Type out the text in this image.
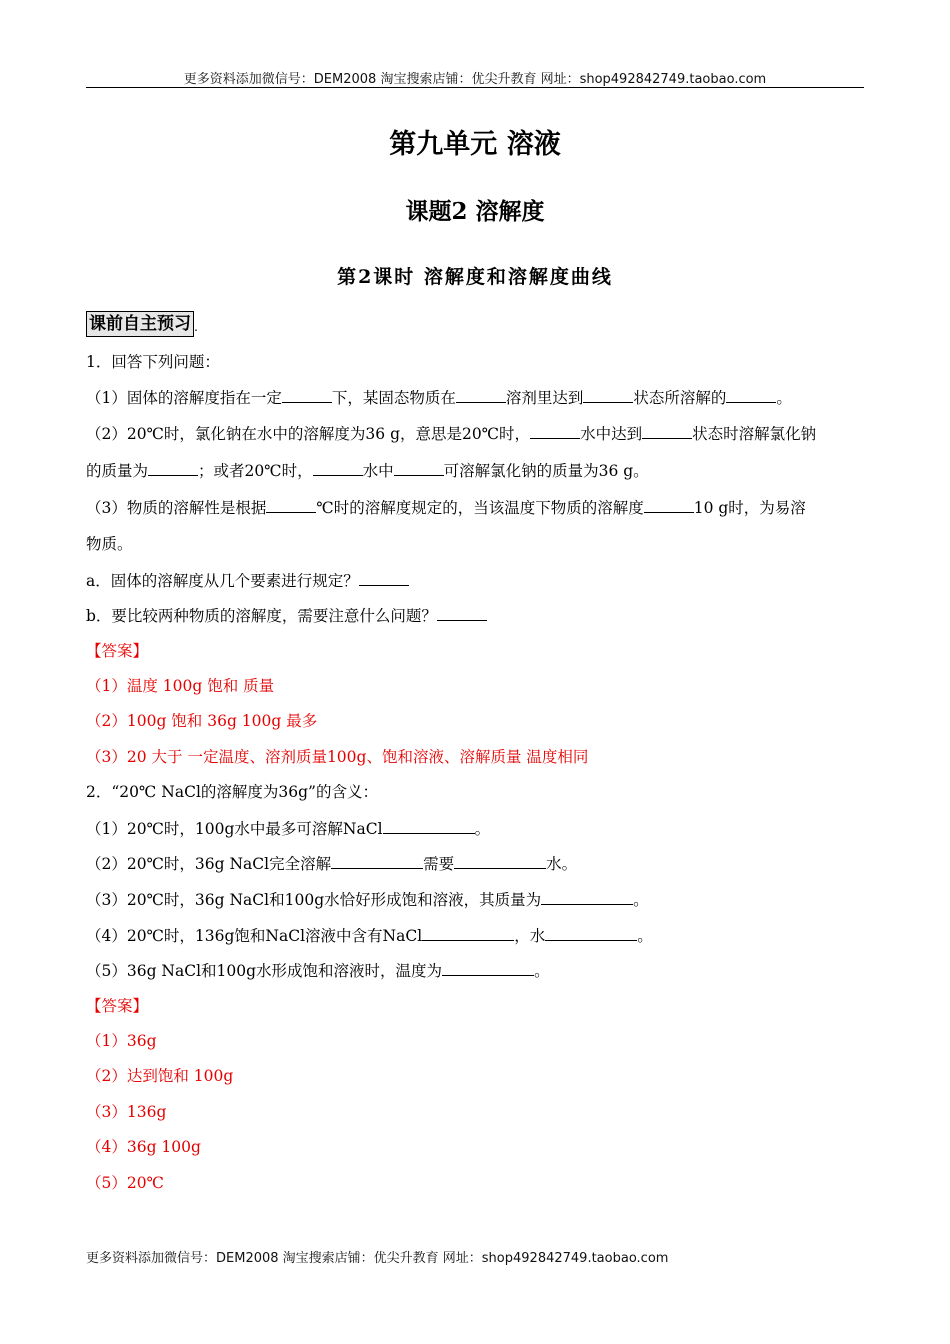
更多资料添加微信号：DEM2008 淘宝搜索店铺：优尖升教育 网址：shop492842749.taobao.com
第九单元 溶液
课题2 溶解度
第2课时 溶解度和溶解度曲线
课前自主预习 .
1．回答下列问题：
（1）固体的溶解度指在一定	下，某固态物质在	溶剂里达到	状态所溶解的	。
（2）20℃时，氯化钠在水中的溶解度为36 g，意思是20℃时，	水中达到	状态时溶解氯化钠
的质量为	；或者20℃时，	水中	可溶解氯化钠的质量为36 g。
（3）物质的溶解性是根据	℃时的溶解度规定的，当该温度下物质的溶解度	10 g时，为易溶
物质。
a．固体的溶解度从几个要素进行规定？
b．要比较两种物质的溶解度，需要注意什么问题？
【答案】
（1）温度 100g 饱和 质量
（2）100g 饱和 36g 100g 最多
（3）20 大于 一定温度、溶剂质量100g、饱和溶液、溶解质量 温度相同
2．“20℃ NaCl的溶解度为36g”的含义：
（1）20℃时，100g水中最多可溶解NaCl	。
（2）20℃时，36g NaCl完全溶解	需要	水。
（3）20℃时，36g NaCl和100g水恰好形成饱和溶液，其质量为	。
（4）20℃时，136g饱和NaCl溶液中含有NaCl	，水	。
（5）36g NaCl和100g水形成饱和溶液时，温度为	。
【答案】
（1）36g
（2）达到饱和 100g
（3）136g
（4）36g 100g
（5）20℃
更多资料添加微信号：DEM2008 淘宝搜索店铺：优尖升教育 网址：shop492842749.taobao.com
